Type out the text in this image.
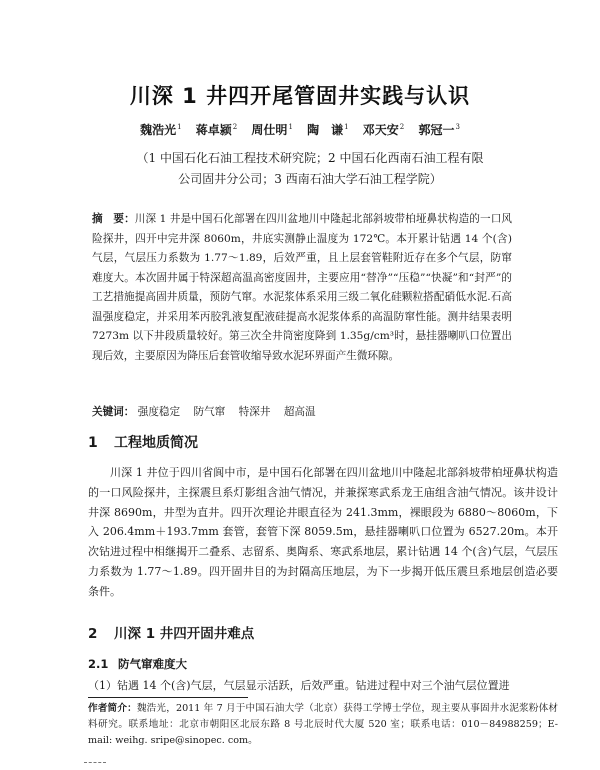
川深 1 井四开尾管固井实践与认识
魏浩光$^1$ 蒋卓颍$^2$ 周仕明$^1$ 陶　谦$^1$ 邓天安$^2$ 郭冠一$^3$
（1 中国石化石油工程技术研究院；2 中国石化西南石油工程有限
公司固井分公司；3 西南石油大学石油工程学院）
摘　要：川深 1 井是中国石化部署在四川盆地川中隆起北部斜坡带柏垭鼻状构造的一口风险探井，四开中完井深 8060m，井底实测静止温度为 172℃。本开累计钻遇 14 个(含)气层，气层压力系数为 1.77～1.89，后效严重，且上层套管鞋附近存在多个气层，防窜难度大。本次固井属于特深超高温高密度固井，主要应用“替净”“压稳”“快凝”和“封严”的工艺措施提高固井质量，预防气窜。水泥浆体系采用三级二氧化硅颗粒搭配硝低水泥.石高温强度稳定，并采用苯丙胶乳液复配液硅提高水泥浆体系的高温防窜性能。测井结果表明 7273m 以下井段质量较好。第三次全井筒密度降到 1.35g/cm³时，悬挂器喇叭口位置出现后效，主要原因为降压后套管收缩导致水泥环界面产生微环隙。
关键词： 强度稳定 防气窜 特深井 超高温
1 工程地质简况
川深 1 井位于四川省阆中市，是中国石化部署在四川盆地川中隆起北部斜坡带柏垭鼻状构造的一口风险探井，主探震旦系灯影组含油气情况，并兼探寒武系龙王庙组含油气情况。该井设计井深 8690m，井型为直井。四开次理论井眼直径为 241.3mm，裸眼段为 6880～8060m，下入 206.4mm＋193.7mm 套管，套管下深 8059.5m，悬挂器喇叭口位置为 6527.20m。本开次钻进过程中相继揭开二叠系、志留系、奥陶系、寒武系地层，累计钻遇 14 个(含)气层，气层压力系数为 1.77～1.89。四开固井目的为封隔高压地层，为下一步揭开低压震旦系地层创造必要条件。
2 川深 1 井四开固井难点
2.1 防气窜难度大
（1）钻遇 14 个(含)气层，气层显示活跃，后效严重。钻进过程中对三个油气层位置进
作者简介：魏浩光，2011 年 7 月于中国石油大学（北京）获得工学博士学位，现主要从事固井水泥浆粉体材料研究。联系地址：北京市朝阳区北辰东路 8 号北辰时代大厦 520 室；联系电话：010－84988259；E-mail: weihg. sripe@sinopec. com。
